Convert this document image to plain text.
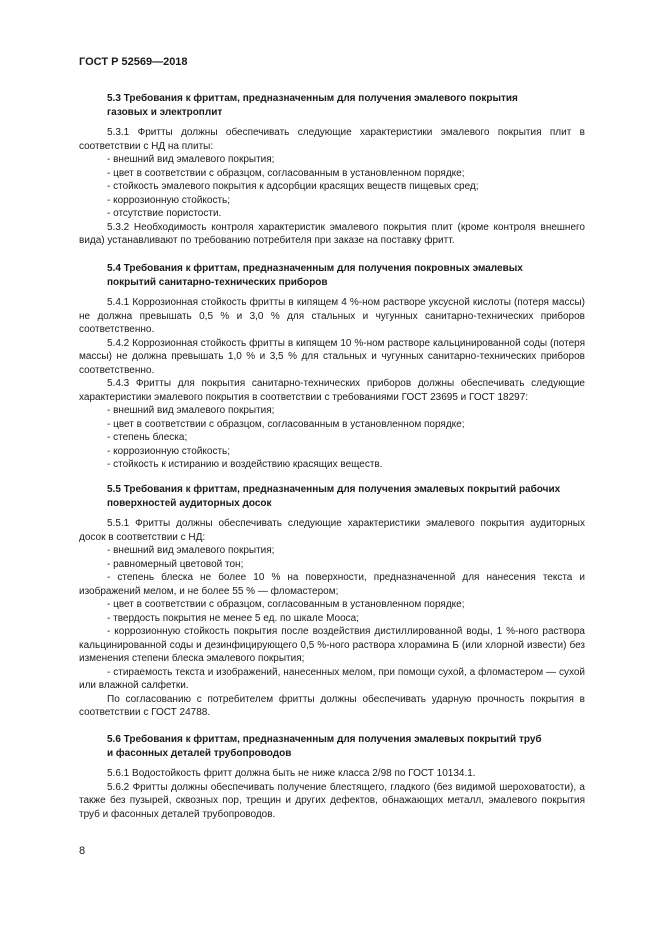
ГОСТ Р 52569—2018
5.3 Требования к фриттам, предназначенным для получения эмалевого покрытия
газовых и электроплит

5.3.1 Фритты должны обеспечивать следующие характеристики эмалевого покрытия плит в соответствии с НД на плиты:

- внешний вид эмалевого покрытия;
- цвет в соответствии с образцом, согласованным в установленном порядке;
- стойкость эмалевого покрытия к адсорбции красящих веществ пищевых сред;
- коррозионную стойкость;
- отсутствие пористости.

5.3.2 Необходимость контроля характеристик эмалевого покрытия плит (кроме контроля внешнего вида) устанавливают по требованию потребителя при заказе на поставку фритт.

5.4 Требования к фриттам, предназначенным для получения покровных эмалевых
покрытий санитарно-технических приборов

5.4.1 Коррозионная стойкость фритты в кипящем 4 %-ном растворе уксусной кислоты (потеря массы) не должна превышать 0,5 % и 3,0 % для стальных и чугунных санитарно-технических приборов соответственно.

5.4.2 Коррозионная стойкость фритты в кипящем 10 %-ном растворе кальцинированной соды (потеря массы) не должна превышать 1,0 % и 3,5 % для стальных и чугунных санитарно-технических приборов соответственно.

5.4.3 Фритты для покрытия санитарно-технических приборов должны обеспечивать следующие характеристики эмалевого покрытия в соответствии с требованиями ГОСТ 23695 и ГОСТ 18297:

- внешний вид эмалевого покрытия;
- цвет в соответствии с образцом, согласованным в установленном порядке;
- степень блеска;
- коррозионную стойкость;
- стойкость к истиранию и воздействию красящих веществ.
5.5 Требования к фриттам, предназначенным для получения эмалевых покрытий рабочих
поверхностей аудиторных досок

5.5.1 Фритты должны обеспечивать следующие характеристики эмалевого покрытия аудиторных досок в соответствии с НД:

- внешний вид эмалевого покрытия;
- равномерный цветовой тон;

- степень блеска не более 10 % на поверхности, предназначенной для нанесения текста и изображений мелом, и не более 55 % — фломастером;

- цвет в соответствии с образцом, согласованным в установленном порядке;
- твердость покрытия не менее 5 ед. по шкале Мооса;

- коррозионную стойкость покрытия после воздействия дистиллированной воды, 1 %-ного раствора кальцинированной соды и дезинфицирующего 0,5 %-ного раствора хлорамина Б (или хлорной извести) без изменения степени блеска эмалевого покрытия;

- стираемость текста и изображений, нанесенных мелом, при помощи сухой, а фломастером — сухой или влажной салфетки.

По согласованию с потребителем фритты должны обеспечивать ударную прочность покрытия в соответствии с ГОСТ 24788.

5.6 Требования к фриттам, предназначенным для получения эмалевых покрытий труб
и фасонных деталей трубопроводов

5.6.1 Водостойкость фритт должна быть не ниже класса 2/98 по ГОСТ 10134.1.

5.6.2 Фритты должны обеспечивать получение блестящего, гладкого (без видимой шероховатости), а также без пузырей, сквозных пор, трещин и других дефектов, обнажающих металл, эмалевого покрытия труб и фасонных деталей трубопроводов.

8
